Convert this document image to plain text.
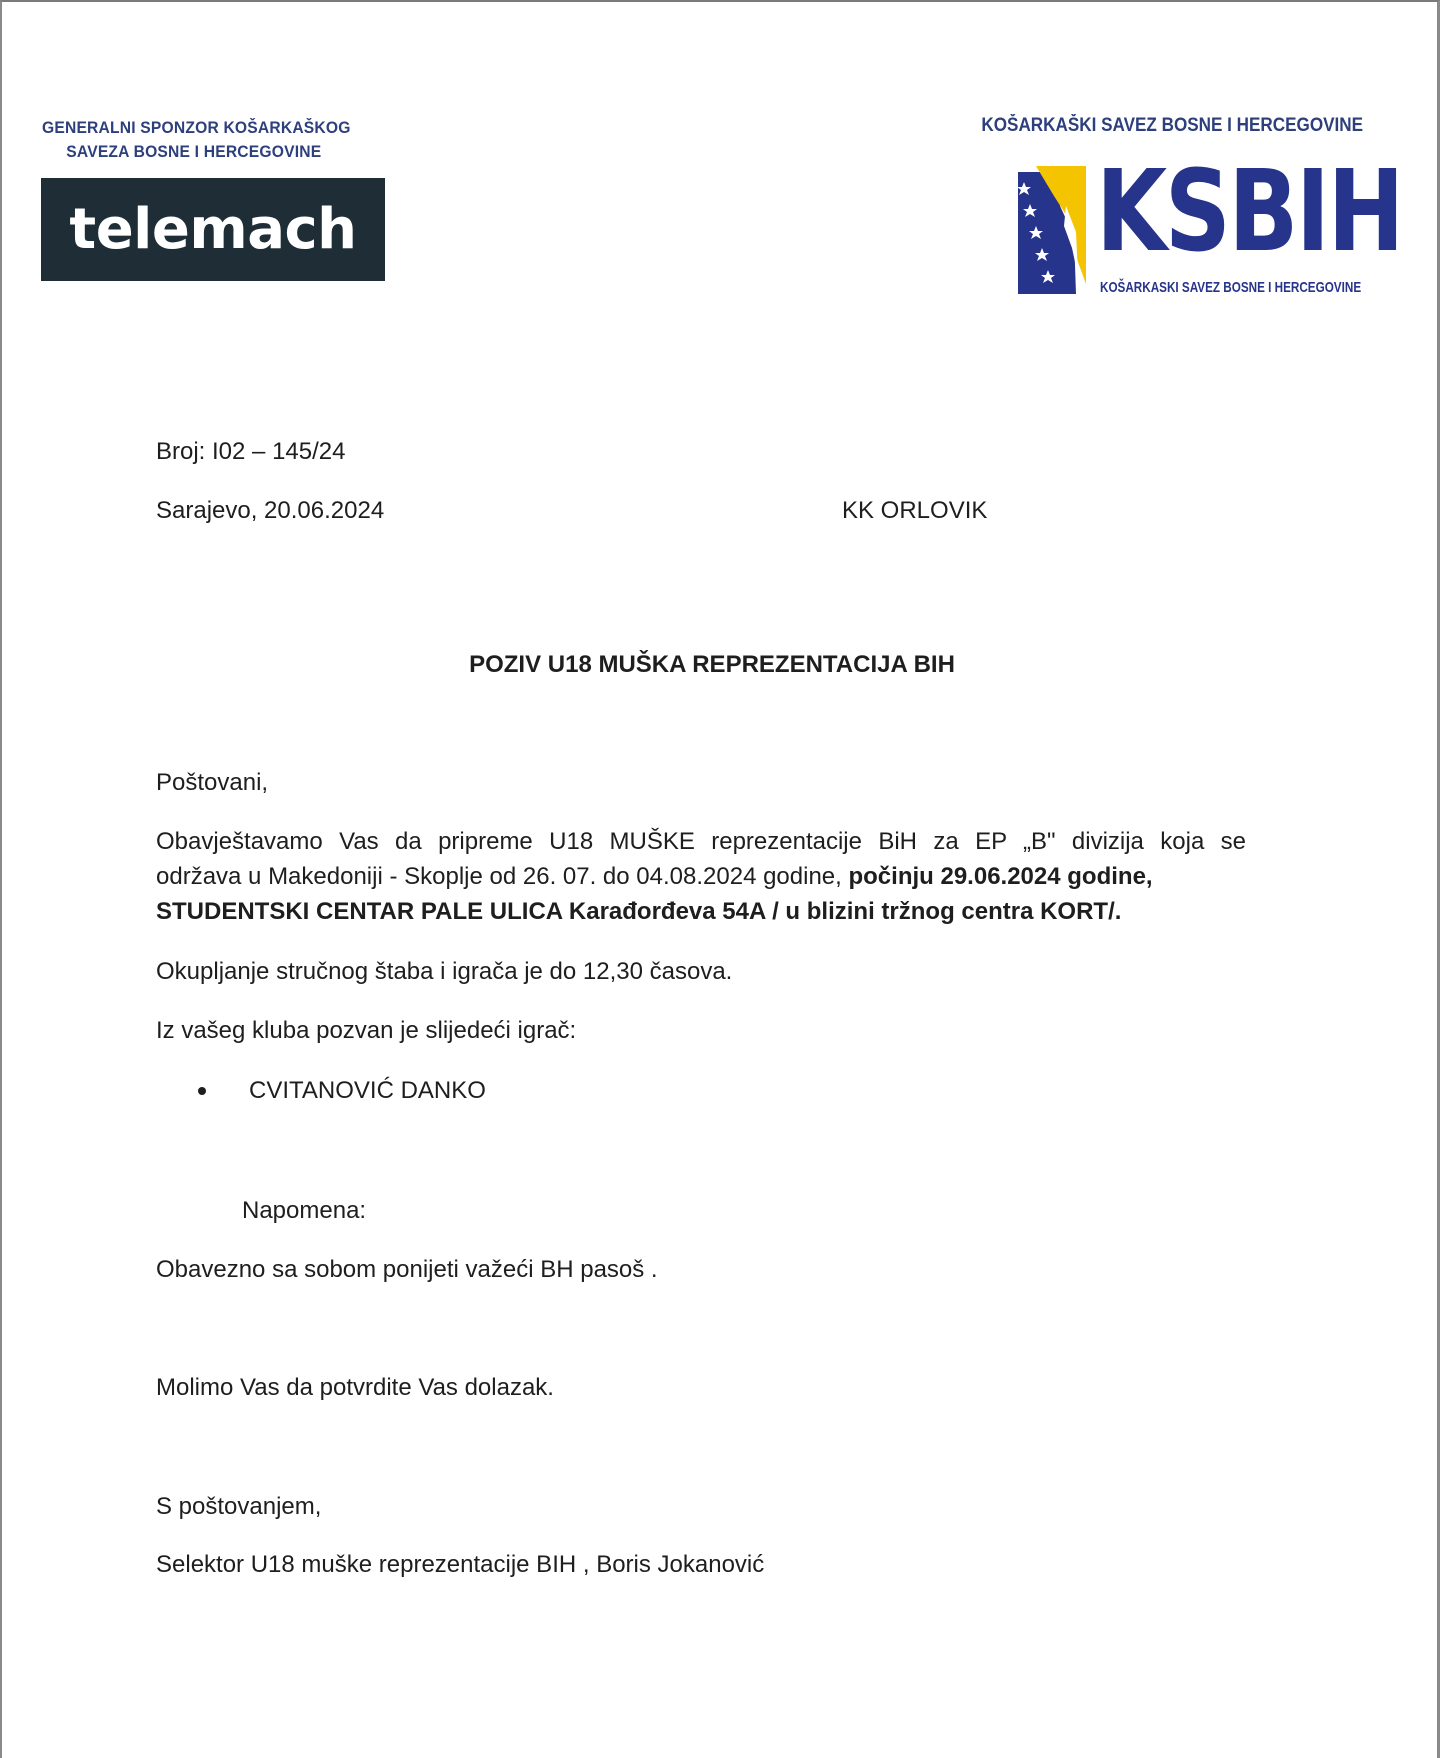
GENERALNI SPONZOR KOŠARKAŠKOG
SAVEZA BOSNE I HERCEGOVINE
telemach
KOŠARKAŠKI SAVEZ BOSNE I HERCEGOVINE
KSBIH
KOŠARKASKI SAVEZ BOSNE I HERCEGOVINE
Broj: I02 – 145/24
Sarajevo, 20.06.2024	KK ORLOVIK
POZIV U18 MUŠKA REPREZENTACIJA BIH
Poštovani,
Obavještavamo Vas da pripreme U18 MUŠKE reprezentacije BiH za EP „B" divizija koja se
održava u Makedoniji - Skoplje od 26. 07. do 04.08.2024 godine, počinju 29.06.2024 godine,
STUDENTSKI CENTAR PALE ULICA Karađorđeva 54A / u blizini tržnog centra KORT/.
Okupljanje stručnog štaba i igrača je do 12,30 časova.
Iz vašeg kluba pozvan je slijedeći igrač:
CVITANOVIĆ DANKO
Napomena:
Obavezno sa sobom ponijeti važeći BH pasoš .
Molimo Vas da potvrdite Vas dolazak.
S poštovanjem,
Selektor U18 muške reprezentacije BIH , Boris Jokanović
